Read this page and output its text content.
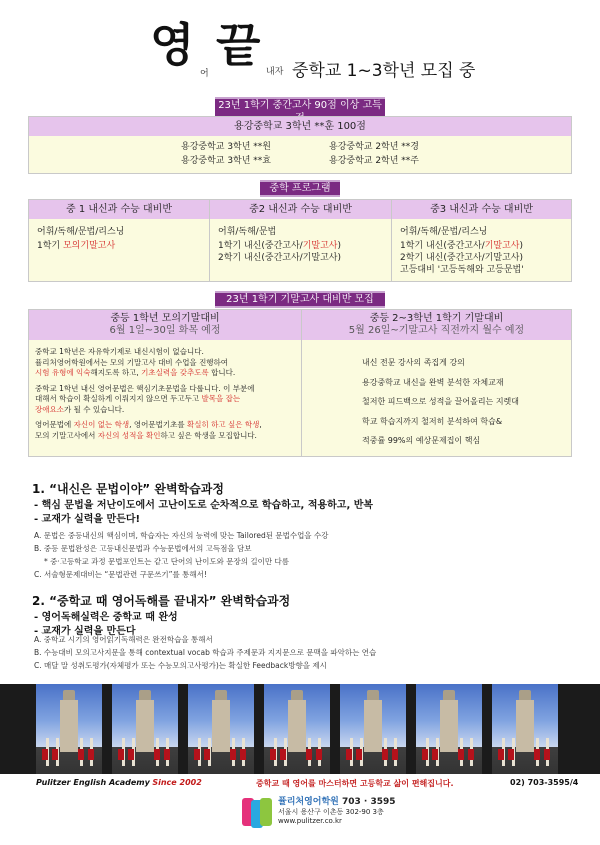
영
어
끝 내자 중학교 1~3학년 모집 중
23년 1학기 중간고사 90점 이상 고득
용강중학교 3학년 **훈 100점
용강중학교 3학년 **원
용강중학교 3학년 **효
용강중학교 2학년 **경
용강중학교 2학년 **주
중학 프로그램
중 1 내신과 수능 대비반
어휘/독해/문법/리스닝
1학기 모의기말고사
중2 내신과 수능 대비반
어휘/독해/문법
1학기 내신(중간고사/기말고사)
2학기 내신(중간고사/기말고사)
중3 내신과 수능 대비반
어휘/독해/문법/리스닝
1학기 내신(중간고사/기말고사)
2학기 내신(중간고사/기말고사)
고등대비 '고등독해와 고등문법'
23년 1학기 기말고사 대비반 모집
중등 1학년 모의기말대비
6월 1일~30일 화목 예정
중학교 1학년은 자유학기제로 내신시험이 없습니다.
퓰리처영어학원에서는 모의 기말고사 대비 수업을 진행하여
시험 유형에 익숙해지도록 하고, 기초실력을 갖추도록 합니다.
중학교 1학년 내신 영어문법은 핵심기초문법을 다룹니다. 이 부분에
대해서 학습이 확실하게 이뤄지지 않으면 두고두고 발목을 잡는
장애요소가 될 수 있습니다.
영어문법에 자신이 없는 학생, 영어문법기초를 확실히 하고 싶은 학생,
모의 기말고사에서 자신의 성적을 확인하고 싶은 학생을 모집합니다.
중등 2~3학년 1학기 기말대비
5월 26일~기말고사 직전까지 월수 예정
내신 전문 강사의 족집게 강의
용강중학교 내신을 완벽 분석한 자체교재
철저한 피드백으로 성적을 끌어올리는 지렛대
학교 학습지까지 철저히 분석하여 학습&
적중률 99%의 예상문제집이 핵심
1. “내신은 문법이야” 완벽학습과정
- 핵심 문법을 저난이도에서 고난이도로 순차적으로 학습하고, 적용하고, 반복
- 교재가 실력을 만든다!
A. 문법은 중등내신의 핵심이며, 학습자는 자신의 능력에 맞는 Tailored된 문법수업을 수강
B. 중등 문법완성은 고등내신문법과 수능문법에서의 고득점을 담보
* 중·고등학교 과정 문법포인트는 같고 단어의 난이도와 문장의 길이만 다름
C. 서술형문제대비는 “문법관련 구문쓰기”를 통해서!
2. “중학교 때 영어독해를 끝내자” 완벽학습과정
- 영어독해실력은 중학교 때 완성
- 교재가 실력을 만든다
A. 중학교 시기의 영어읽기독해력은 완전학습을 통해서
B. 수능대비 모의고사지문을 통해 contextual vocab 학습과 주제문과 지지문으로 문맥을 파악하는 연습
C. 매달 말 성취도평가(자체평가 또는 수능모의고사평가)는 확실한 Feedback방향을 제시
Pulitzer English Academy Since 2002	중학교 때 영어를 마스터하면 고등학교 삶이 편해집니다.	02) 703-3595/4
퓰리처영어학원 703 · 3595
서울시 용산구 이촌동 302-90 3층
www.pulitzer.co.kr
